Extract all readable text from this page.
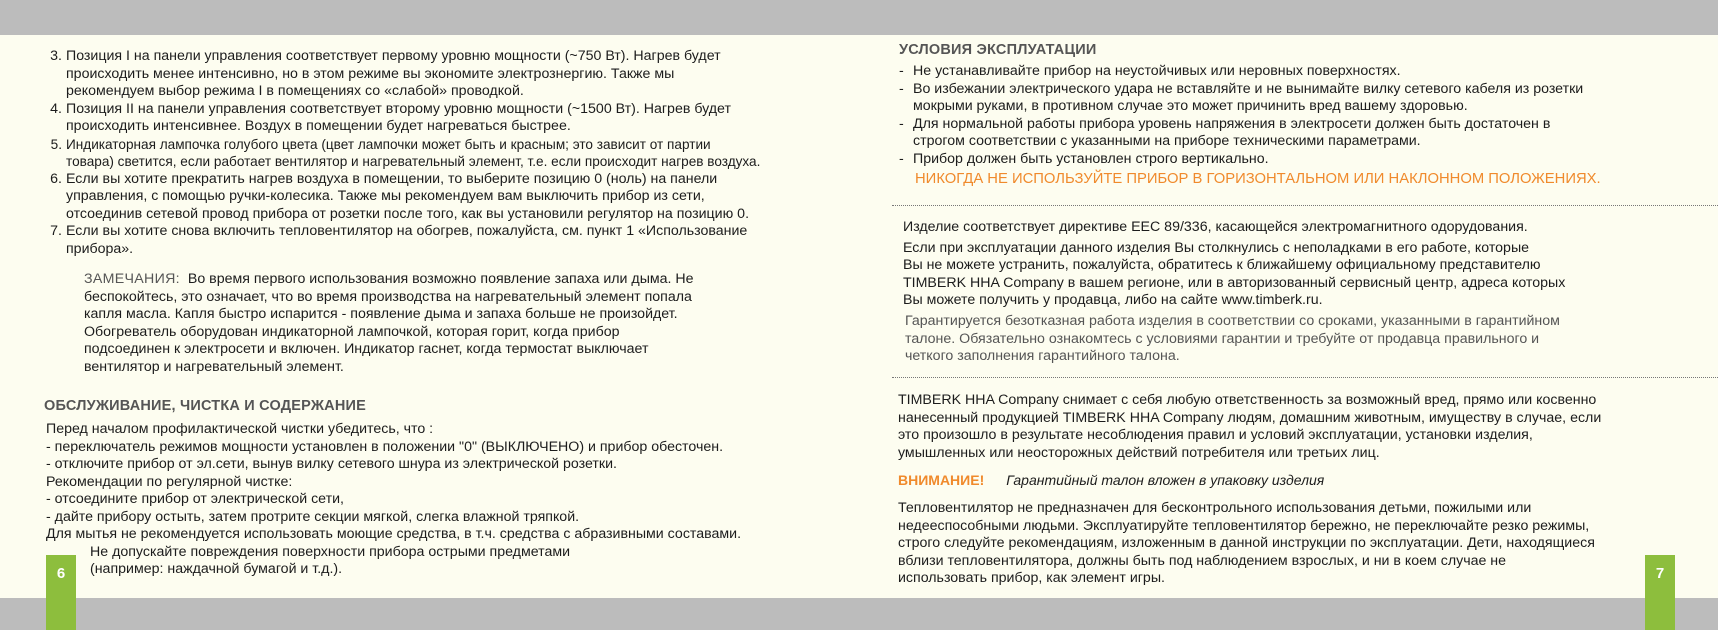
3. Позиция I на панели управления соответствует первому уровню мощности (~750 Вт). Нагрев будет
происходить менее интенсивно, но в этом режиме вы экономите электрознергию. Также мы
рекомендуем выбор режима I в помещениях со «слабой» проводкой.
4. Позиция II на панели управления соответствует второму уровню мощности (~1500 Вт). Нагрев будет
происходить интенсивнее. Воздух в помещении будет нагреваться быстрее.
5. Индикаторная лампочка голубого цвета (цвет лампочки может быть и красным; это зависит от партии
товара) светится, если работает вентилятор и нагревательный элемент, т.е. если происходит нагрев воздуха.
6. Если вы хотите прекратить нагрев воздуха в помещении, то выберите позицию 0 (ноль) на панели
управления, с помощью ручки-колесика. Также мы рекомендуем вам выключить прибор из сети,
отсоединив сетевой провод прибора от розетки после того, как вы установили регулятор на позицию 0.
7. Если вы хотите снова включить тепловентилятор на обогрев, пожалуйста, см. пункт 1 «Использование
прибора».
ЗАМЕЧАНИЯ: Во время первого использования возможно появление запаха или дыма. Не
беспокойтесь, это означает, что во время производства на нагревательный элемент попала
капля масла. Капля быстро испарится - появление дыма и запаха больше не произойдет.
Обогреватель оборудован индикаторной лампочкой, которая горит, когда прибор
подсоединен к электросети и включен. Индикатор гаснет, когда термостат выключает
вентилятор и нагревательный элемент.
ОБСЛУЖИВАНИЕ, ЧИСТКА И СОДЕРЖАНИЕ

Перед началом профилактической чистки убедитесь, что :

- переключатель режимов мощности установлен в положении "0" (ВЫКЛЮЧЕНО) и прибор обесточен.

- отключите прибор от эл.сети, вынув вилку сетевого шнура из электрической розетки.

Рекомендации по регулярной чистке:

- отсоедините прибор от электрической сети,

- дайте прибору остыть, затем протрите секции мягкой, слегка влажной тряпкой.

Для мытья не рекомендуется использовать моющие средства, в т.ч. средства с абразивными составами.

Не допускайте повреждения поверхности прибора острыми предметами

(например: наждачной бумагой и т.д.).

6
УСЛОВИЯ ЭКСПЛУАТАЦИИ
- Не устанавливайте прибор на неустойчивых или неровных поверхностях.
- Во избежании электрического удара не вставляйте и не вынимайте вилку сетевого кабеля из розетки
мокрыми руками, в противном случае это может причинить вред вашему здоровью.
- Для нормальной работы прибора уровень напряжения в электросети должен быть достаточен в
строгом соответствии с указанными на приборе техническими параметрами.
- Прибор должен быть установлен строго вертикально.
НИКОГДА НЕ ИСПОЛЬЗУЙТЕ ПРИБОР В ГОРИЗОНТАЛЬНОМ ИЛИ НАКЛОННОМ ПОЛОЖЕНИЯХ.

Изделие соответствует директиве ЕЕС 89/336, касающейся электромагнитного одорудования.

Если при эксплуатации данного изделия Вы столкнулись с неполадками в его работе, которые

Вы не можете устранить, пожалуйста, обратитесь к ближайшему официальному представителю

TIMBERK HHA Company в вашем регионе, или в авторизованный сервисный центр, адреса которых

Вы можете получить у продавца, либо на сайте www.timberk.ru.

Гарантируется безотказная работа изделия в соответствии со сроками, указанными в гарантийном
талоне. Обязательно ознакомтесь с условиями гарантии и требуйте от продавца правильного и
четкого заполнения гарантийного талона.
TIMBERK HHA Company снимает с себя любую ответственность за возможный вред, прямо или косвенно
нанесенный продукцией TIMBERK HHA Company людям, домашним животным, имуществу в случае, если
это произошло в результате несоблюдения правил и условий эксплуатации, установки изделия,
умышленных или неосторожных действий потребителя или третьих лиц.
ВНИМАНИЕ! Гарантийный талон вложен в упаковку изделия
Тепловентилятор не предназначен для бесконтрольного использования детьми, пожилыми или
недееспособными людьми. Эксплуатируйте тепловентилятор бережно, не переключайте резко режимы,
строго следуйте рекомендациям, изложенным в данной инструкции по эксплуатации. Дети, находящиеся
вблизи тепловентилятора, должны быть под наблюдением взрослых, и ни в коем случае не
использовать прибор, как элемент игры.	7
